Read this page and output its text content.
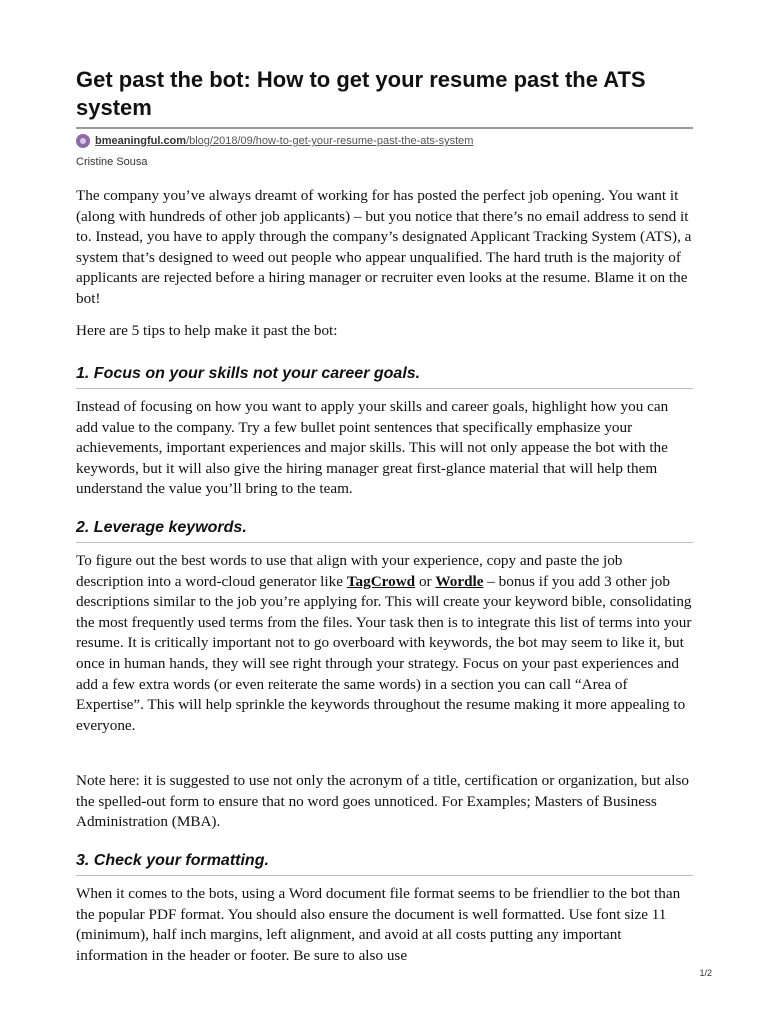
Get past the bot: How to get your resume past the ATS system
bmeaningful.com/blog/2018/09/how-to-get-your-resume-past-the-ats-system
Cristine Sousa

The company you’ve always dreamt of working for has posted the perfect job opening. You want it (along with hundreds of other job applicants) – but you notice that there’s no email address to send it to. Instead, you have to apply through the company’s designated Applicant Tracking System (ATS), a system that’s designed to weed out people who appear unqualified. The hard truth is the majority of applicants are rejected before a hiring manager or recruiter even looks at the resume. Blame it on the bot!

Here are 5 tips to help make it past the bot:

1. Focus on your skills not your career goals.

Instead of focusing on how you want to apply your skills and career goals, highlight how you can add value to the company. Try a few bullet point sentences that specifically emphasize your achievements, important experiences and major skills. This will not only appease the bot with the keywords, but it will also give the hiring manager great first-glance material that will help them understand the value you’ll bring to the team.

2. Leverage keywords.

To figure out the best words to use that align with your experience, copy and paste the job description into a word-cloud generator like TagCrowd or Wordle – bonus if you add 3 other job descriptions similar to the job you’re applying for. This will create your keyword bible, consolidating the most frequently used terms from the files. Your task then is to integrate this list of terms into your resume. It is critically important not to go overboard with keywords, the bot may seem to like it, but once in human hands, they will see right through your strategy. Focus on your past experiences and add a few extra words (or even reiterate the same words) in a section you can call “Area of Expertise”. This will help sprinkle the keywords throughout the resume making it more appealing to everyone.

Note here: it is suggested to use not only the acronym of a title, certification or organization, but also the spelled-out form to ensure that no word goes unnoticed. For Examples; Masters of Business Administration (MBA).

3. Check your formatting.

When it comes to the bots, using a Word document file format seems to be friendlier to the bot than the popular PDF format. You should also ensure the document is well formatted. Use font size 11 (minimum), half inch margins, left alignment, and avoid at all costs putting any important information in the header or footer. Be sure to also use

1/2
